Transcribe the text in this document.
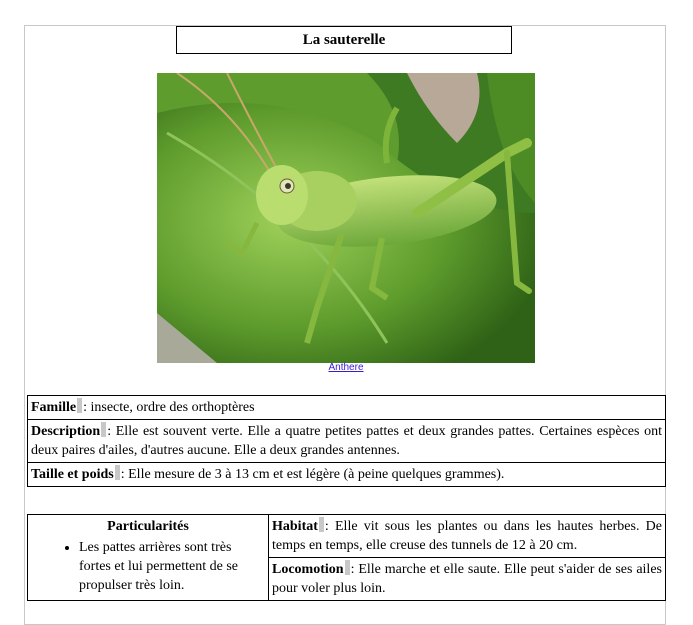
La sauterelle
Anthere
Famille : insecte, ordre des orthoptères
Description : Elle est souvent verte. Elle a quatre petites pattes et deux grandes pattes. Certaines espèces ont deux paires d'ailes, d'autres aucune. Elle a deux grandes antennes.
Taille et poids : Elle mesure de 3 à 13 cm et est légère (à peine quelques grammes).
Particularités
• Les pattes arrières sont très fortes et lui permettent de se propulser très loin.
	Habitat : Elle vit sous les plantes ou dans les hautes herbes. De temps en temps, elle creuse des tunnels de 12 à 20 cm.
Locomotion : Elle marche et elle saute. Elle peut s'aider de ses ailes pour voler plus loin.
